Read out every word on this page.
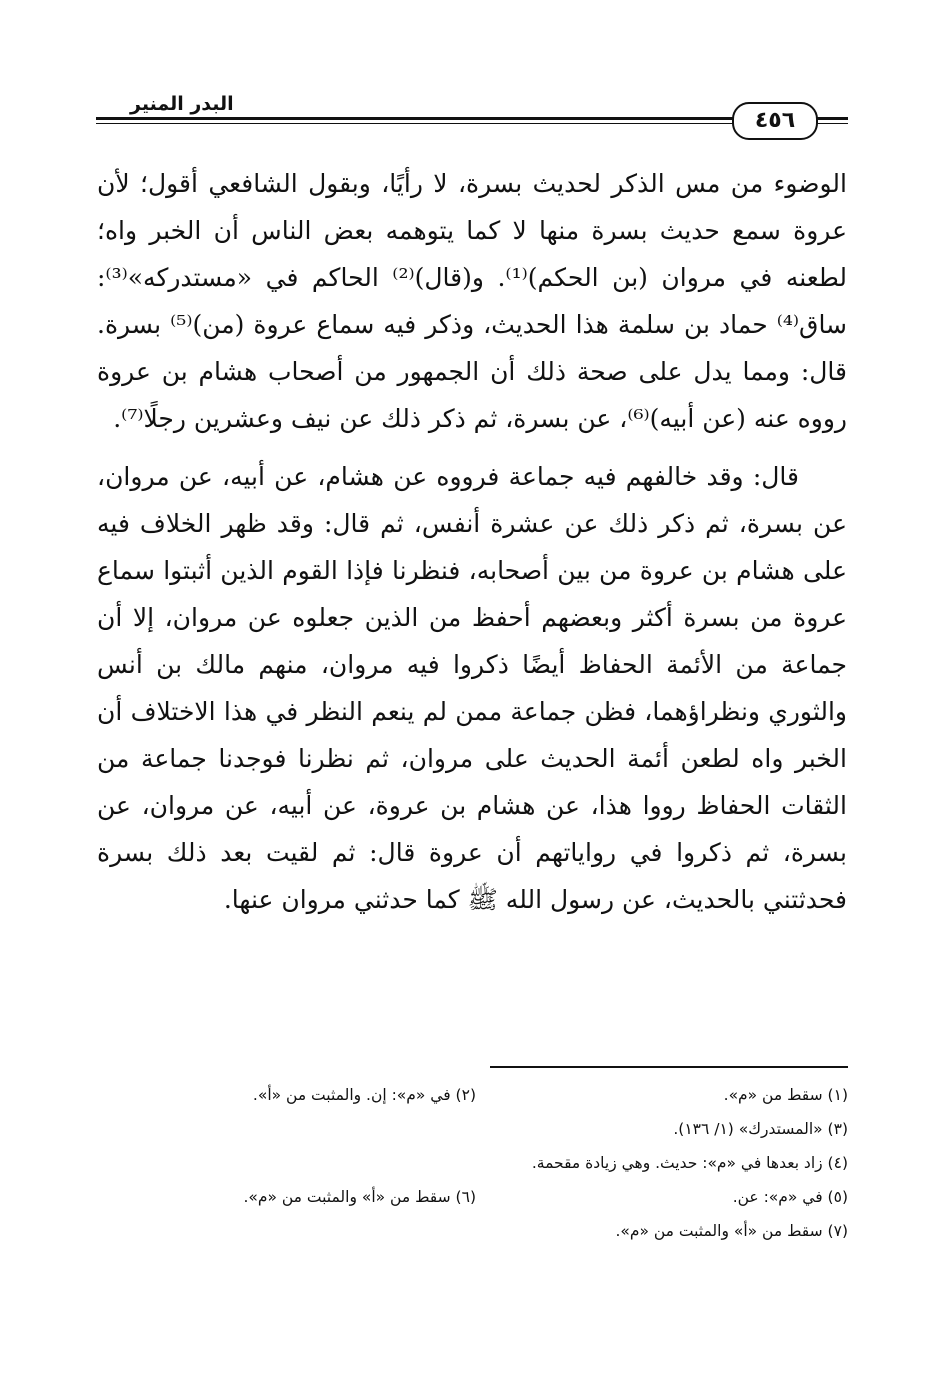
البدر المنير
٤٥٦

الوضوء من مس الذكر لحديث بسرة، لا رأيًا، وبقول الشافعي أقول؛ لأن عروة سمع حديث بسرة منها لا كما يتوهمه بعض الناس أن الخبر واه؛ لطعنه في مروان (بن الحكم)⁽¹⁾. و(قال)⁽²⁾ الحاكم في «مستدركه»⁽³⁾: ساق⁽⁴⁾ حماد بن سلمة هذا الحديث، وذكر فيه سماع عروة (من)⁽⁵⁾ بسرة. قال: ومما يدل على صحة ذلك أن الجمهور من أصحاب هشام بن عروة رووه عنه (عن أبيه)⁽⁶⁾، عن بسرة، ثم ذكر ذلك عن نيف وعشرين رجلًا⁽⁷⁾.

قال: وقد خالفهم فيه جماعة فرووه عن هشام، عن أبيه، عن مروان، عن بسرة، ثم ذكر ذلك عن عشرة أنفس، ثم قال: وقد ظهر الخلاف فيه على هشام بن عروة من بين أصحابه، فنظرنا فإذا القوم الذين أثبتوا سماع عروة من بسرة أكثر وبعضهم أحفظ من الذين جعلوه عن مروان، إلا أن جماعة من الأئمة الحفاظ أيضًا ذكروا فيه مروان، منهم مالك بن أنس والثوري ونظراؤهما، فظن جماعة ممن لم ينعم النظر في هذا الاختلاف أن الخبر واه لطعن أئمة الحديث على مروان، ثم نظرنا فوجدنا جماعة من الثقات الحفاظ رووا هذا، عن هشام بن عروة، عن أبيه، عن مروان، عن بسرة، ثم ذكروا في رواياتهم أن عروة قال: ثم لقيت بعد ذلك بسرة فحدثتني بالحديث، عن رسول الله ﷺ كما حدثني مروان عنها.

(١) سقط من «م».
(٢) في «م»: إن. والمثبت من «أ».
(٣) «المستدرك» (١/ ١٣٦).
(٤) زاد بعدها في «م»: حديث. وهي زيادة مقحمة.
(٥) في «م»: عن.
(٦) سقط من «أ» والمثبت من «م».
(٧) سقط من «أ» والمثبت من «م».
